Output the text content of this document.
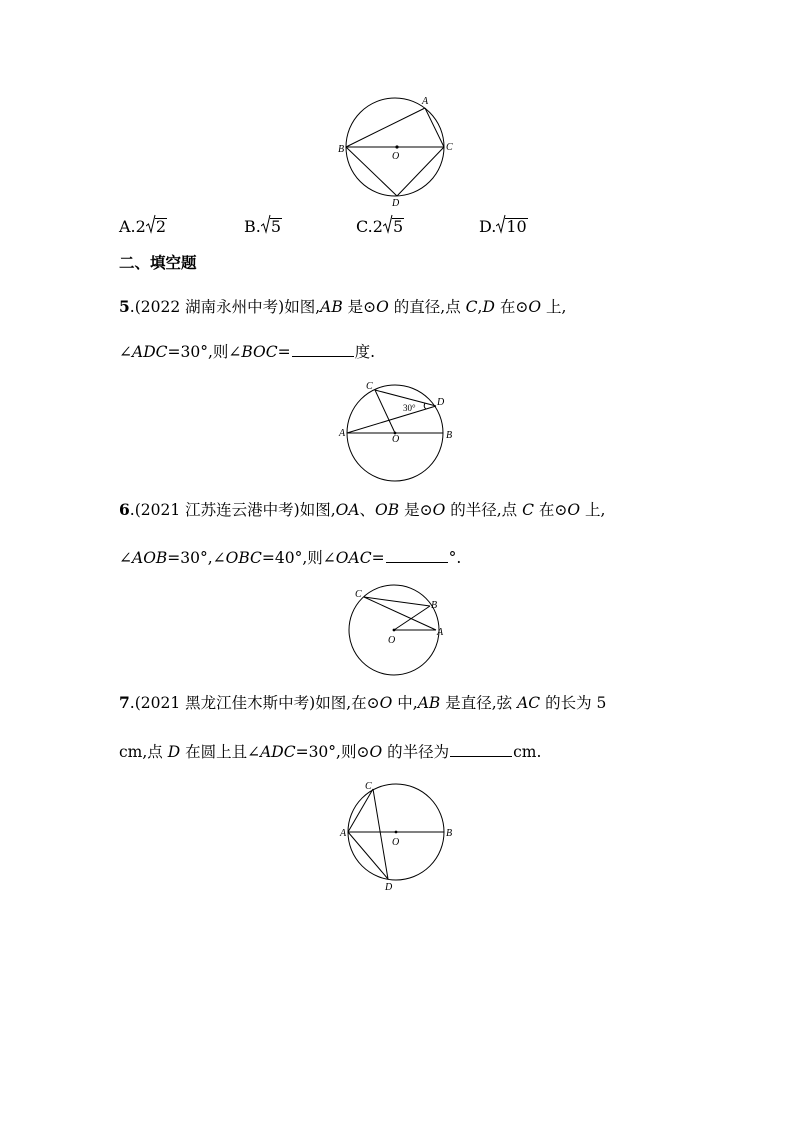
A
B	C
D
O
A.2 2	B. 5	C.2 5	D. 10
二、填空题
5.(2022 湖南永州中考)如图,AB 是⊙O 的直径,点 C,D 在⊙O 上,
∠ADC=30°,则∠BOC=	度.
C
D
A	B
O
30°
6.(2021 江苏连云港中考)如图,OA、OB 是⊙O 的半径,点 C 在⊙O 上,
∠AOB=30°,∠OBC=40°,则∠OAC=	°.
C
B
A
O
7.(2021 黑龙江佳木斯中考)如图,在⊙O 中,AB 是直径,弦 AC 的长为 5
cm,点 D 在圆上且∠ADC=30°,则⊙O 的半径为	cm.
C
A	B
O
D
